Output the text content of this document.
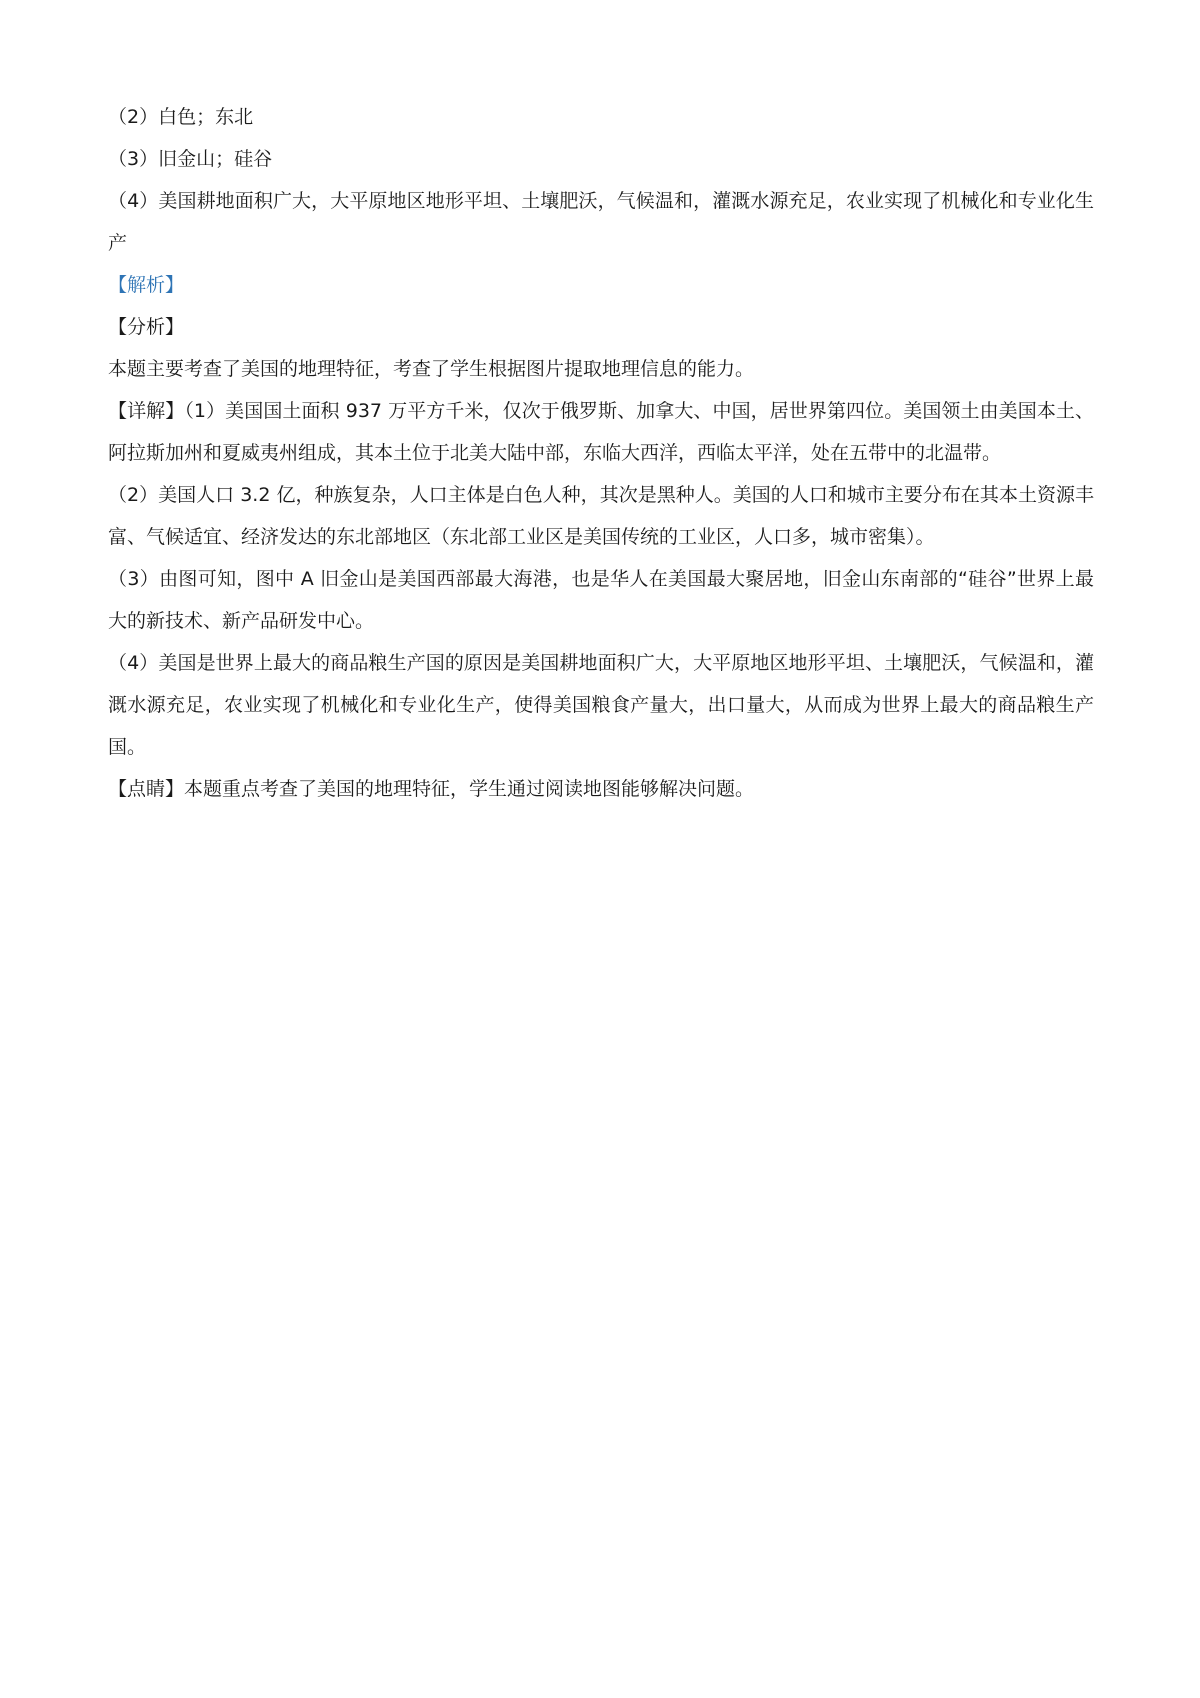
（2）白色；东北

（3）旧金山；硅谷

（4）美国耕地面积广大，大平原地区地形平坦、土壤肥沃，气候温和，灌溉水源充足，农业实现了机械化和专业化生产

【解析】

【分析】

本题主要考查了美国的地理特征，考查了学生根据图片提取地理信息的能力。

【详解】（1）美国国土面积 937 万平方千米，仅次于俄罗斯、加拿大、中国，居世界第四位。美国领土由美国本土、阿拉斯加州和夏威夷州组成，其本土位于北美大陆中部，东临大西洋，西临太平洋，处在五带中的北温带。

（2）美国人口 3.2 亿，种族复杂，人口主体是白色人种，其次是黑种人。美国的人口和城市主要分布在其本土资源丰富、气候适宜、经济发达的东北部地区（东北部工业区是美国传统的工业区，人口多，城市密集）。

（3）由图可知，图中 A 旧金山是美国西部最大海港，也是华人在美国最大聚居地，旧金山东南部的“硅谷”世界上最大的新技术、新产品研发中心。

（4）美国是世界上最大的商品粮生产国的原因是美国耕地面积广大，大平原地区地形平坦、土壤肥沃，气候温和，灌溉水源充足，农业实现了机械化和专业化生产，使得美国粮食产量大，出口量大，从而成为世界上最大的商品粮生产国。

【点睛】本题重点考查了美国的地理特征，学生通过阅读地图能够解决问题。
